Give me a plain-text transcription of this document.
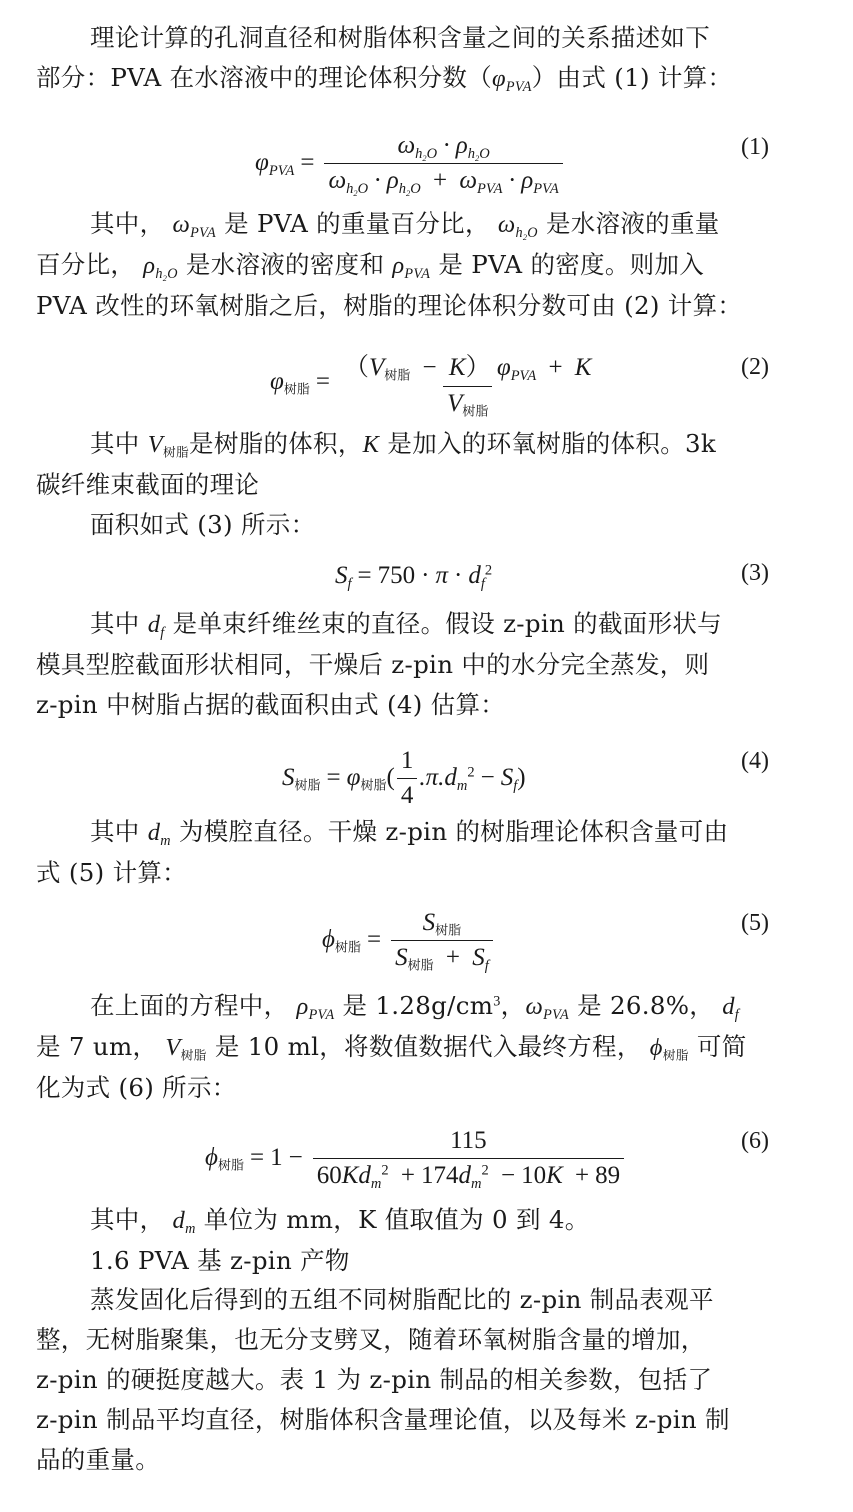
理论计算的孔洞直径和树脂体积含量之间的关系描述如下
部分：PVA 在水溶液中的理论体积分数$(\varphi_{PVA})$由式 (1) 计算：
$\varphi_{PVA} = \frac{\omega_{h_2O} \cdot \rho_{h_2O}}{\omega_{h_2O} \cdot \rho_{h_2O} + \omega_{PVA} \cdot \rho_{PVA}}$	(1)
其中， $\omega_{PVA}$ 是 PVA 的重量百分比， $\omega_{h_2O}$ 是水溶液的重量
百分比， $\rho_{h_2O}$ 是水溶液的密度和 $\rho_{PVA}$ 是 PVA 的密度。则加入
PVA 改性的环氧树脂之后，树脂的理论体积分数可由 (2) 计算：
$\varphi_{树脂} = \frac{(V_{树脂} - K) \varphi_{PVA} + K}{V_{树脂}}$	(2)
其中 $V_{树脂}$是树脂的体积，K 是加入的环氧树脂的体积。3k
碳纤维束截面的理论
面积如式 (3) 所示：
$S_f = 750 \cdot \pi \cdot d_f^2$	(3)
其中 $d_f$ 是单束纤维丝束的直径。假设 z-pin 的截面形状与
模具型腔截面形状相同，干燥后 z-pin 中的水分完全蒸发，则
z-pin 中树脂占据的截面积由式 (4) 估算：
$S_{树脂} = \varphi_{树脂}$ ( $\frac{1}{4} .\pi.d_m^2 - S_f$ )
(4)
其中 $d_m$ 为模腔直径。干燥 z-pin 的树脂理论体积含量可由
式 (5) 计算：
$\phi_{树脂} = \frac{S_{树脂}}{S_{树脂} + S_f}$	(5)
在上面的方程中， $\rho_{PVA}$ 是 $1.28g/cm^3$，$\omega_{PVA}$ 是 26.8%， $d_f$
是 7 um， $V_{树脂}$ 是 10 ml，将数值数据代入最终方程， $\phi_{树脂}$ 可简
化为式 (6) 所示：
$\phi_{树脂} = 1 - \frac{115}{60Kd_m^2 + 174d_m^2 - 10K + 89}$	(6)
其中， $d_m$ 单位为 mm，K 值取值为 0 到 4。
1.6 PVA 基 z-pin 产物
蒸发固化后得到的五组不同树脂配比的 z-pin 制品表观平
整，无树脂聚集，也无分支劈叉，随着环氧树脂含量的增加，
z-pin 的硬挺度越大。表 1 为 z-pin 制品的相关参数，包括了
z-pin 制品平均直径，树脂体积含量理论值，以及每米 z-pin 制
品的重量。
